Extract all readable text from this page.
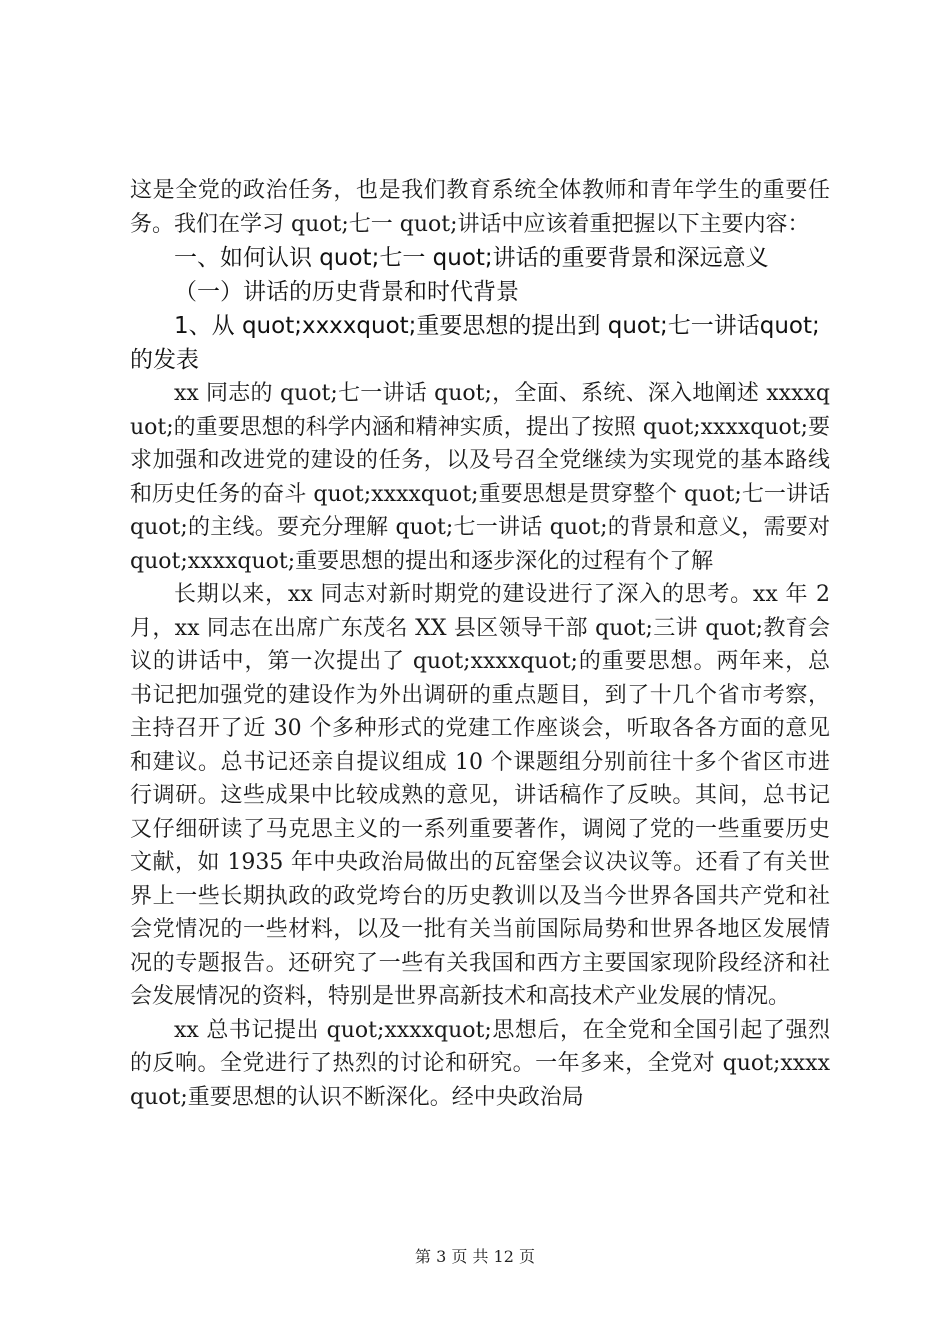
这是全党的政治任务，也是我们教育系统全体教师和青年学生的重要任务。我们在学习 quot;七一 quot;讲话中应该着重把握以下主要内容：

一、如何认识 quot;七一 quot;讲话的重要背景和深远意义

（一）讲话的历史背景和时代背景

1、从 quot;xxxxquot;重要思想的提出到 quot;七一讲话quot;的发表

xx 同志的 quot;七一讲话 quot;，全面、系统、深入地阐述 xxxxquot;的重要思想的科学内涵和精神实质，提出了按照 quot;xxxxquot;要求加强和改进党的建设的任务，以及号召全党继续为实现党的基本路线和历史任务的奋斗 quot;xxxxquot;重要思想是贯穿整个 quot;七一讲话 quot;的主线。要充分理解 quot;七一讲话 quot;的背景和意义，需要对 quot;xxxxquot;重要思想的提出和逐步深化的过程有个了解

长期以来，xx 同志对新时期党的建设进行了深入的思考。xx 年 2 月，xx 同志在出席广东茂名 XX 县区领导干部 quot;三讲 quot;教育会议的讲话中，第一次提出了 quot;xxxxquot;的重要思想。两年来，总书记把加强党的建设作为外出调研的重点题目，到了十几个省市考察，主持召开了近 30 个多种形式的党建工作座谈会，听取各各方面的意见和建议。总书记还亲自提议组成 10 个课题组分别前往十多个省区市进行调研。这些成果中比较成熟的意见，讲话稿作了反映。其间，总书记又仔细研读了马克思主义的一系列重要著作，调阅了党的一些重要历史文献，如 1935 年中央政治局做出的瓦窑堡会议决议等。还看了有关世界上一些长期执政的政党垮台的历史教训以及当今世界各国共产党和社会党情况的一些材料，以及一批有关当前国际局势和世界各地区发展情况的专题报告。还研究了一些有关我国和西方主要国家现阶段经济和社会发展情况的资料，特别是世界高新技术和高技术产业发展的情况。

xx 总书记提出 quot;xxxxquot;思想后，在全党和全国引起了强烈的反响。全党进行了热烈的讨论和研究。一年多来，全党对 quot;xxxxquot;重要思想的认识不断深化。经中央政治局

第 3 页 共 12 页
